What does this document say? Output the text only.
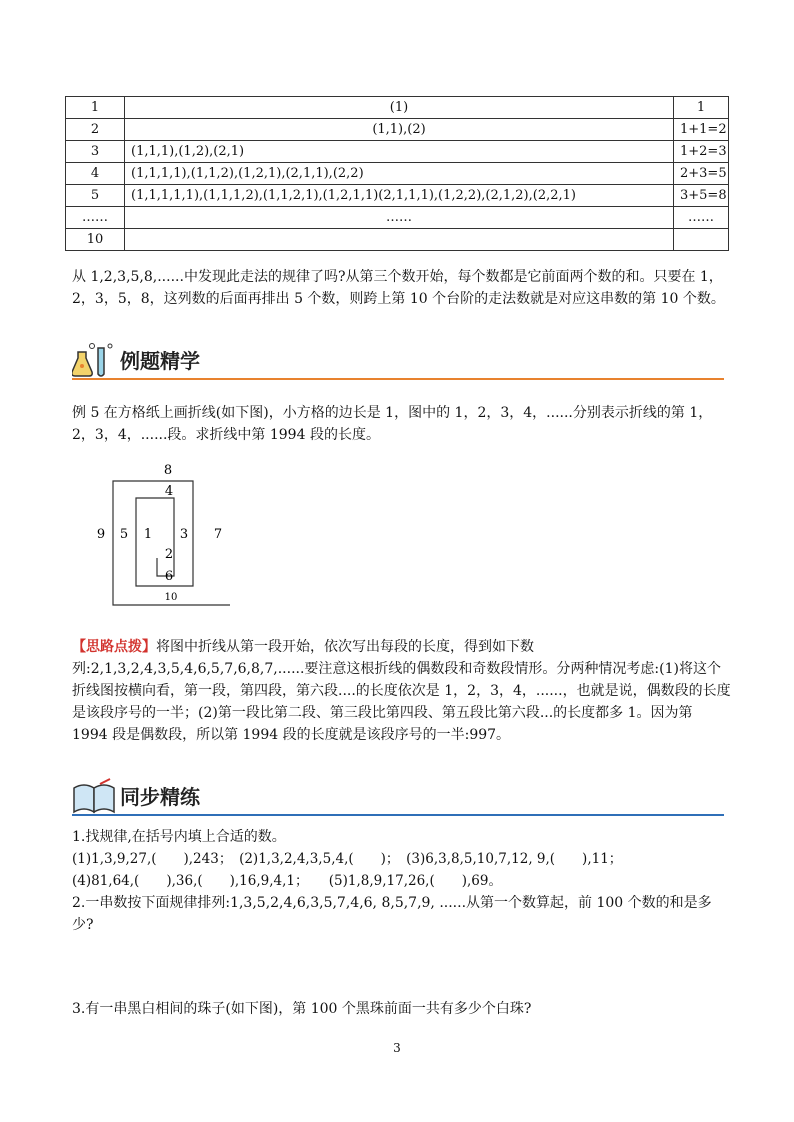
1	(1)	1
2	(1,1),(2)	1+1=2
3	(1,1,1),(1,2),(2,1)	1+2=3
4	(1,1,1,1),(1,1,2),(1,2,1),(2,1,1),(2,2)	2+3=5
5	(1,1,1,1,1),(1,1,1,2),(1,1,2,1),(1,2,1,1)(2,1,1,1),(1,2,2),(2,1,2),(2,2,1)	3+5=8
……	……	……
10		
从 1,2,3,5,8,......中发现此走法的规律了吗?从第三个数开始，每个数都是它前面两个数的和。只要在 1，2，3，5，8，这列数的后面再排出 5 个数，则跨上第 10 个台阶的走法数就是对应这串数的第 10 个数。
例题精学
例 5 在方格纸上画折线(如下图)，小方格的边长是 1，图中的 1，2，3，4，......分别表示折线的第 1，2，3，4，......段。求折线中第 1994 段的长度。
8
4
9 5 1 3 7
2
6
10
【思路点拨】将图中折线从第一段开始，依次写出每段的长度，得到如下数列:2,1,3,2,4,3,5,4,6,5,7,6,8,7,......要注意这根折线的偶数段和奇数段情形。分两种情况考虑:(1)将这个折线图按横向看，第一段，第四段，第六段....的长度依次是 1，2，3，4，......，也就是说，偶数段的长度是该段序号的一半；(2)第一段比第二段、第三段比第四段、第五段比第六段...的长度都多 1。因为第 1994 段是偶数段，所以第 1994 段的长度就是该段序号的一半:997。
同步精练
1.找规律,在括号内填上合适的数。
(1)1,3,9,27,(　　),243；　(2)1,3,2,4,3,5,4,(　　)；　(3)6,3,8,5,10,7,12, 9,(　　),11；
(4)81,64,(　　),36,(　　),16,9,4,1；　　(5)1,8,9,17,26,(　　),69。
2.一串数按下面规律排列:1,3,5,2,4,6,3,5,7,4,6, 8,5,7,9, ......从第一个数算起，前 100 个数的和是多少?
3.有一串黑白相间的珠子(如下图)，第 100 个黑珠前面一共有多少个白珠?
3
